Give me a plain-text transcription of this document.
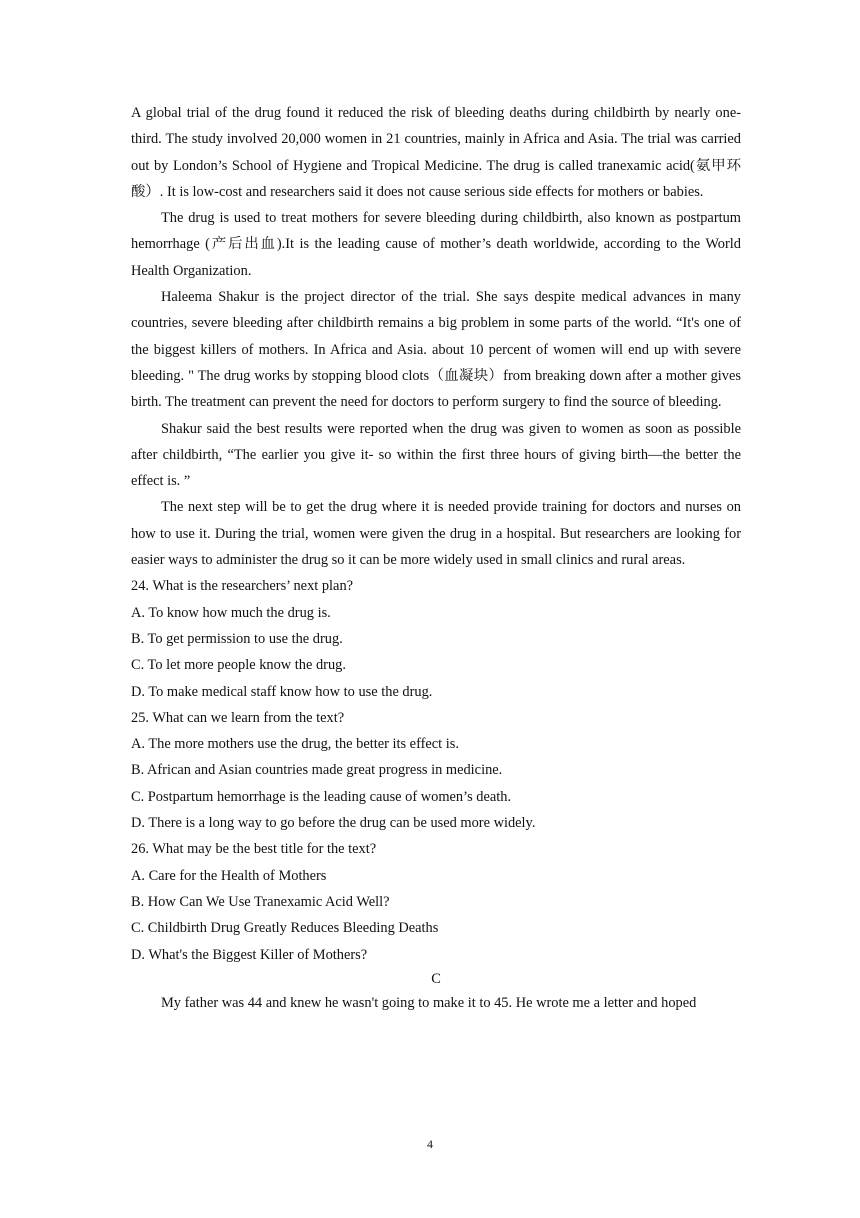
A global trial of the drug found it reduced the risk of bleeding deaths during childbirth by nearly one-third. The study involved 20,000 women in 21 countries, mainly in Africa and Asia. The trial was carried out by London’s School of Hygiene and Tropical Medicine. The drug is called tranexamic acid(氨甲环酸）. It is low-cost and researchers said it does not cause serious side effects for mothers or babies.

The drug is used to treat mothers for severe bleeding during childbirth, also known as postpartum hemorrhage (产后出血).It is the leading cause of mother’s death worldwide, according to the World Health Organization.

Haleema Shakur is the project director of the trial. She says despite medical advances in many countries, severe bleeding after childbirth remains a big problem in some parts of the world. “It's one of the biggest killers of mothers. In Africa and Asia. about 10 percent of women will end up with severe bleeding. " The drug works by stopping blood clots（血凝块）from breaking down after a mother gives birth. The treatment can prevent the need for doctors to perform surgery to find the source of bleeding.

Shakur said the best results were reported when the drug was given to women as soon as possible after childbirth, “The earlier you give it- so within the first three hours of giving birth—the better the effect is. ”

The next step will be to get the drug where it is needed provide training for doctors and nurses on how to use it. During the trial, women were given the drug in a hospital. But researchers are looking for easier ways to administer the drug so it can be more widely used in small clinics and rural areas.

24. What is the researchers’ next plan?

A. To know how much the drug is.

B. To get permission to use the drug.

C. To let more people know the drug.

D. To make medical staff know how to use the drug.

25. What can we learn from the text?

A. The more mothers use the drug, the better its effect is.

B. African and Asian countries made great progress in medicine.

C. Postpartum hemorrhage is the leading cause of women’s death.

D. There is a long way to go before the drug can be used more widely.

26. What may be the best title for the text?

A. Care for the Health of Mothers

B. How Can We Use Tranexamic Acid Well?

C. Childbirth Drug Greatly Reduces Bleeding Deaths

D. What's the Biggest Killer of Mothers?

C

My father was 44 and knew he wasn't going to make it to 45. He wrote me a letter and hoped

4
